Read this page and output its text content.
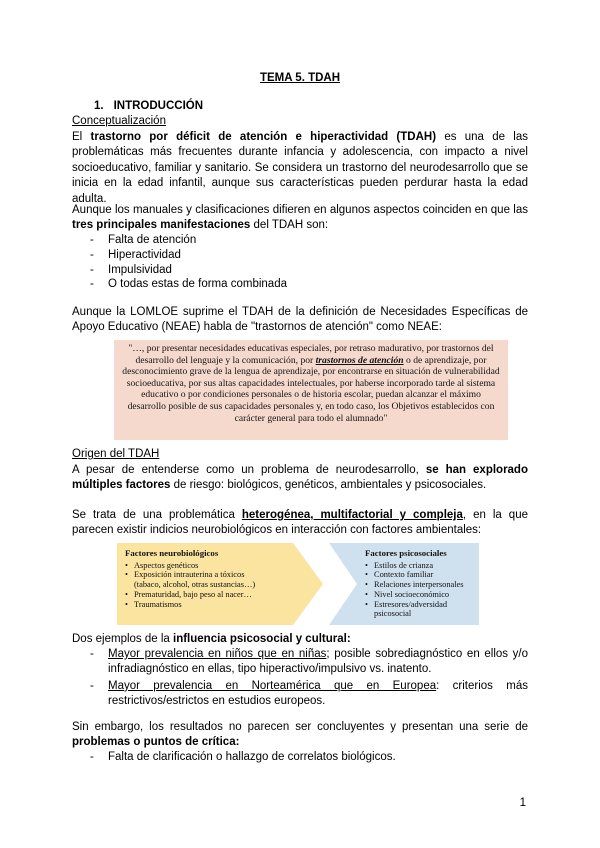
TEMA 5. TDAH
1. INTRODUCCIÓN
Conceptualización
El trastorno por déficit de atención e hiperactividad (TDAH) es una de las problemáticas más frecuentes durante infancia y adolescencia, con impacto a nivel socioeducativo, familiar y sanitario. Se considera un trastorno del neurodesarrollo que se inicia en la edad infantil, aunque sus características pueden perdurar hasta la edad adulta.
Aunque los manuales y clasificaciones difieren en algunos aspectos coinciden en que las tres principales manifestaciones del TDAH son:
- Falta de atención
- Hiperactividad
- Impulsividad
- O todas estas de forma combinada
Aunque la LOMLOE suprime el TDAH de la definición de Necesidades Específicas de Apoyo Educativo (NEAE) habla de "trastornos de atención" como NEAE:
"…, por presentar necesidades educativas especiales, por retraso madurativo, por trastornos del desarrollo del lenguaje y la comunicación, por trastornos de atención o de aprendizaje, por desconocimiento grave de la lengua de aprendizaje, por encontrarse en situación de vulnerabilidad socioeducativa, por sus altas capacidades intelectuales, por haberse incorporado tarde al sistema educativo o por condiciones personales o de historia escolar, puedan alcanzar el máximo desarrollo posible de sus capacidades personales y, en todo caso, los Objetivos establecidos con carácter general para todo el alumnado"
Origen del TDAH
A pesar de entenderse como un problema de neurodesarrollo, se han explorado múltiples factores de riesgo: biológicos, genéticos, ambientales y psicosociales.
Se trata de una problemática heterogénea, multifactorial y compleja, en la que parecen existir indicios neurobiológicos en interacción con factores ambientales:
Factores neurobiológicos
• Aspectos genéticos
• Exposición intrauterina a tóxicos
(tabaco, alcohol, otras sustancias…)
• Prematuridad, bajo peso al nacer…
• Traumatismos
Factores psicosociales
• Estilos de crianza
• Contexto familiar
• Relaciones interpersonales
• Nivel socioeconómico
• Estresores/adversidad psicosocial
Dos ejemplos de la influencia psicosocial y cultural:
- Mayor prevalencia en niños que en niñas; posible sobrediagnóstico en ellos y/o infradiagnóstico en ellas, tipo hiperactivo/impulsivo vs. inatento.
- Mayor prevalencia en Norteamérica que en Europea: criterios más restrictivos/estrictos en estudios europeos.
Sin embargo, los resultados no parecen ser concluyentes y presentan una serie de problemas o puntos de crítica:
- Falta de clarificación o hallazgo de correlatos biológicos.
1
